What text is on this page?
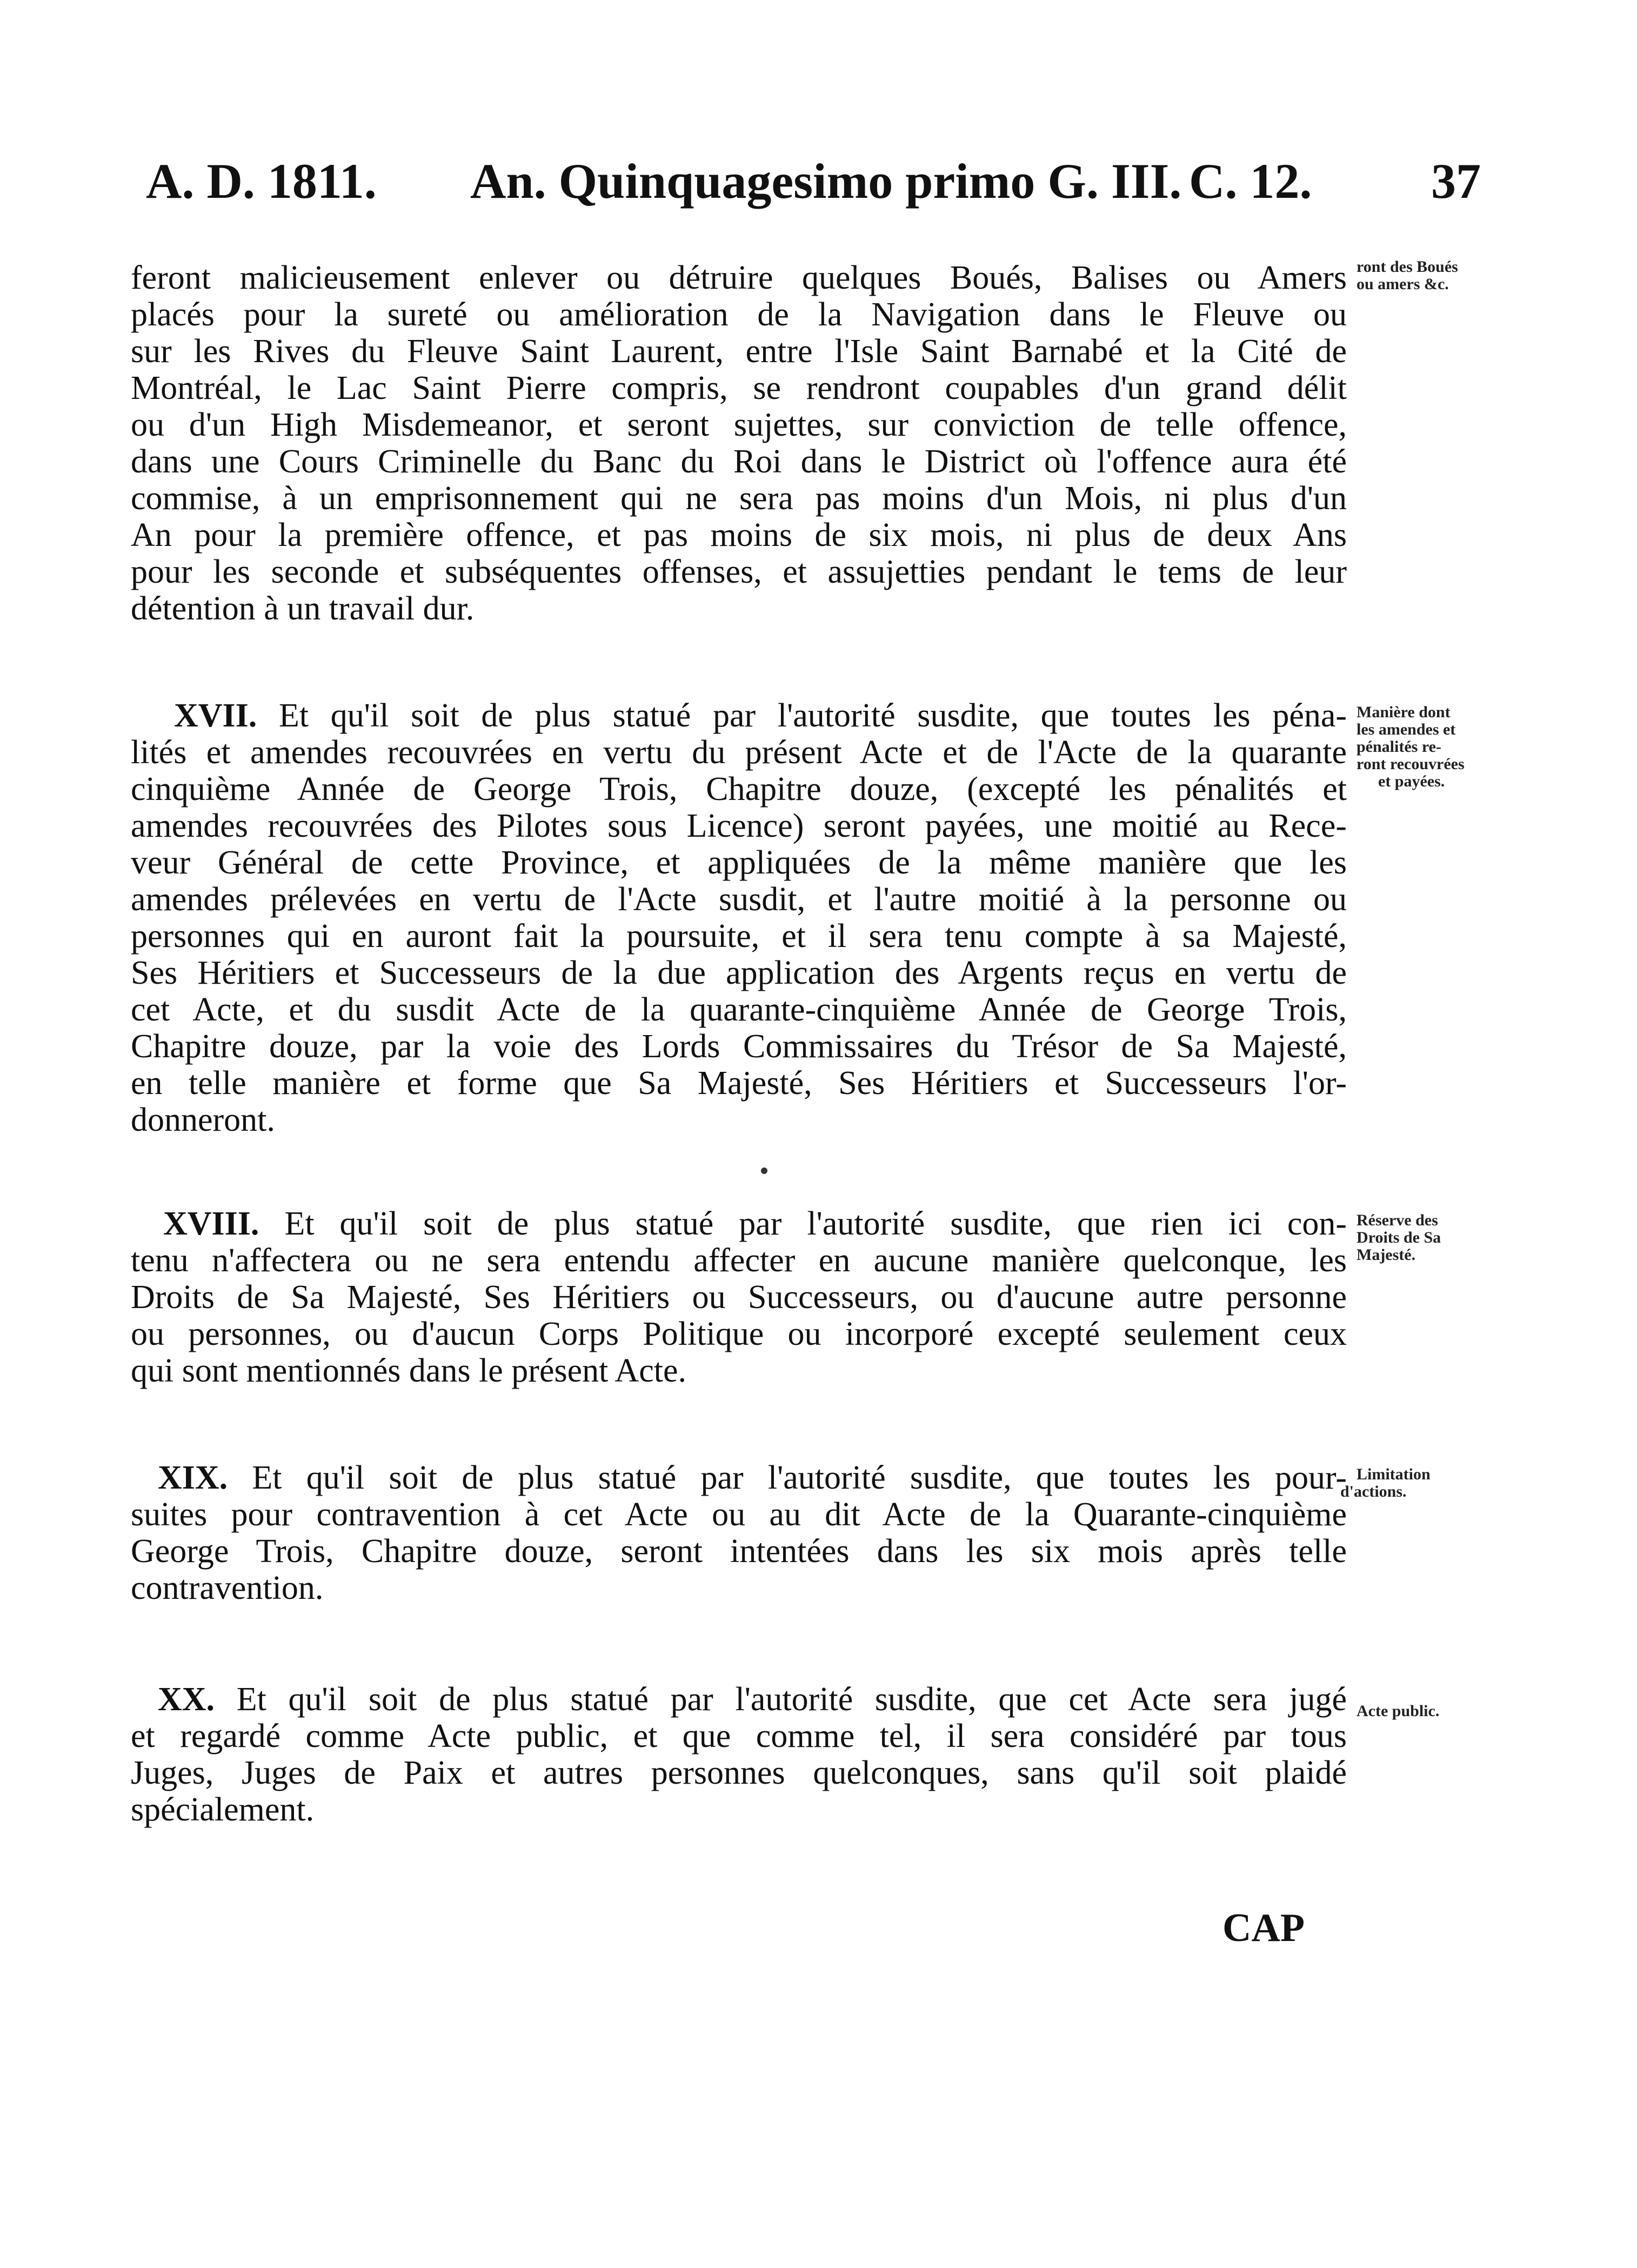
A. D. 1811. An. Quinquagesimo primo G. III. C. 12. 37
feront malicieusement enlever ou détruire quelques Boués, Balises ou Amers
placés pour la sureté ou amélioration de la Navigation dans le Fleuve ou
sur les Rives du Fleuve Saint Laurent, entre l'Isle Saint Barnabé et la Cité de
Montréal, le Lac Saint Pierre compris, se rendront coupables d'un grand délit
ou d'un High Misdemeanor, et seront sujettes, sur conviction de telle offence,
dans une Cours Criminelle du Banc du Roi dans le District où l'offence aura été
commise, à un emprisonnement qui ne sera pas moins d'un Mois, ni plus d'un
An pour la première offence, et pas moins de six mois, ni plus de deux Ans
pour les seconde et subséquentes offenses, et assujetties pendant le tems de leur
détention à un travail dur.
XVII. Et qu'il soit de plus statué par l'autorité susdite, que toutes les péna-
lités et amendes recouvrées en vertu du présent Acte et de l'Acte de la quarante
cinquième Année de George Trois, Chapitre douze, (excepté les pénalités et
amendes recouvrées des Pilotes sous Licence) seront payées, une moitié au Rece-
veur Général de cette Province, et appliquées de la même manière que les
amendes prélevées en vertu de l'Acte susdit, et l'autre moitié à la personne ou
personnes qui en auront fait la poursuite, et il sera tenu compte à sa Majesté,
Ses Héritiers et Successeurs de la due application des Argents reçus en vertu de
cet Acte, et du susdit Acte de la quarante-cinquième Année de George Trois,
Chapitre douze, par la voie des Lords Commissaires du Trésor de Sa Majesté,
en telle manière et forme que Sa Majesté, Ses Héritiers et Successeurs l'or-
donneront.
XVIII. Et qu'il soit de plus statué par l'autorité susdite, que rien ici con-
tenu n'affectera ou ne sera entendu affecter en aucune manière quelconque, les
Droits de Sa Majesté, Ses Héritiers ou Successeurs, ou d'aucune autre personne
ou personnes, ou d'aucun Corps Politique ou incorporé excepté seulement ceux
qui sont mentionnés dans le présent Acte.
XIX. Et qu'il soit de plus statué par l'autorité susdite, que toutes les pour-
suites pour contravention à cet Acte ou au dit Acte de la Quarante-cinquième
George Trois, Chapitre douze, seront intentées dans les six mois après telle
contravention.
XX. Et qu'il soit de plus statué par l'autorité susdite, que cet Acte sera jugé
et regardé comme Acte public, et que comme tel, il sera considéré par tous
Juges, Juges de Paix et autres personnes quelconques, sans qu'il soit plaidé
spécialement.
ront des Boués
ou amers &c.
Manière dont
les amendes et
pénalités re-
ront recouvrées
et payées.
Réserve des
Droits de Sa
Majesté.
Limitation
d'actions.
Acte public.
CAP
